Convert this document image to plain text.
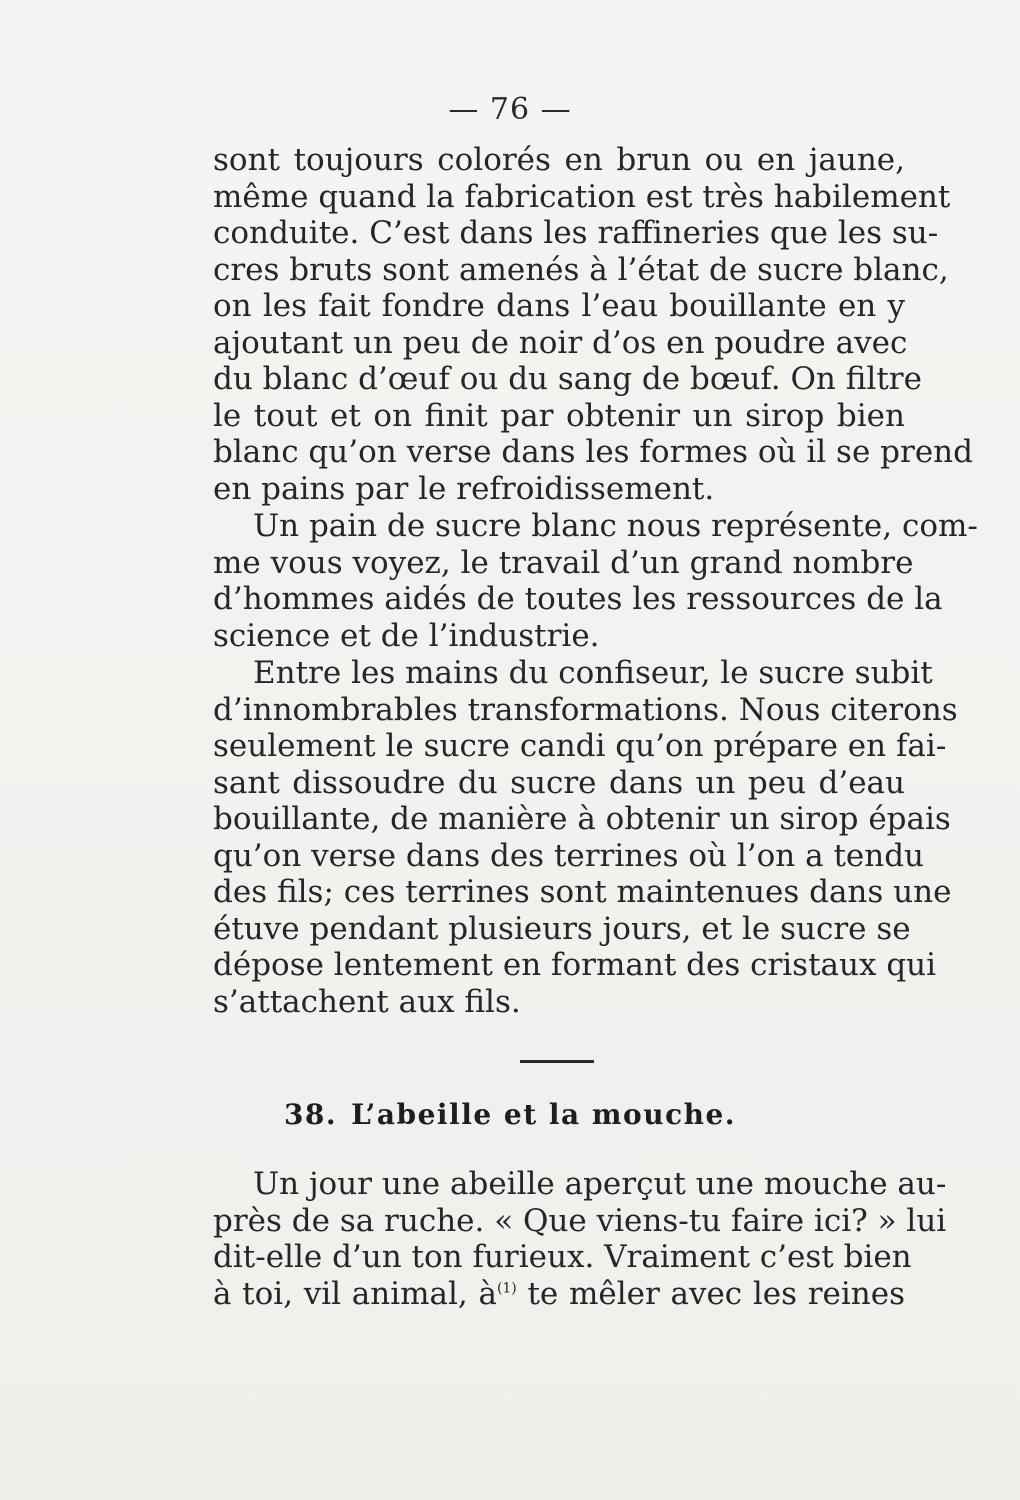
— 76 —
sont toujours colorés en brun ou en jaune,
même quand la fabrication est très habilement
conduite. C’est dans les raffineries que les su-
cres bruts sont amenés à l’état de sucre blanc,
on les fait fondre dans l’eau bouillante en y
ajoutant un peu de noir d’os en poudre avec
du blanc d’œuf ou du sang de bœuf. On filtre
le tout et on finit par obtenir un sirop bien
blanc qu’on verse dans les formes où il se prend
en pains par le refroidissement.
Un pain de sucre blanc nous représente, com-
me vous voyez, le travail d’un grand nombre
d’hommes aidés de toutes les ressources de la
science et de l’industrie.
Entre les mains du confiseur, le sucre subit
d’innombrables transformations. Nous citerons
seulement le sucre candi qu’on prépare en fai-
sant dissoudre du sucre dans un peu d’eau
bouillante, de manière à obtenir un sirop épais
qu’on verse dans des terrines où l’on a tendu
des fils; ces terrines sont maintenues dans une
étuve pendant plusieurs jours, et le sucre se
dépose lentement en formant des cristaux qui
s’attachent aux fils.
38. L’abeille et la mouche.
Un jour une abeille aperçut une mouche au-
près de sa ruche. « Que viens-tu faire ici? » lui
dit-elle d’un ton furieux. Vraiment c’est bien
à toi, vil animal, $à^{(1)}$ te mêler avec les reines
